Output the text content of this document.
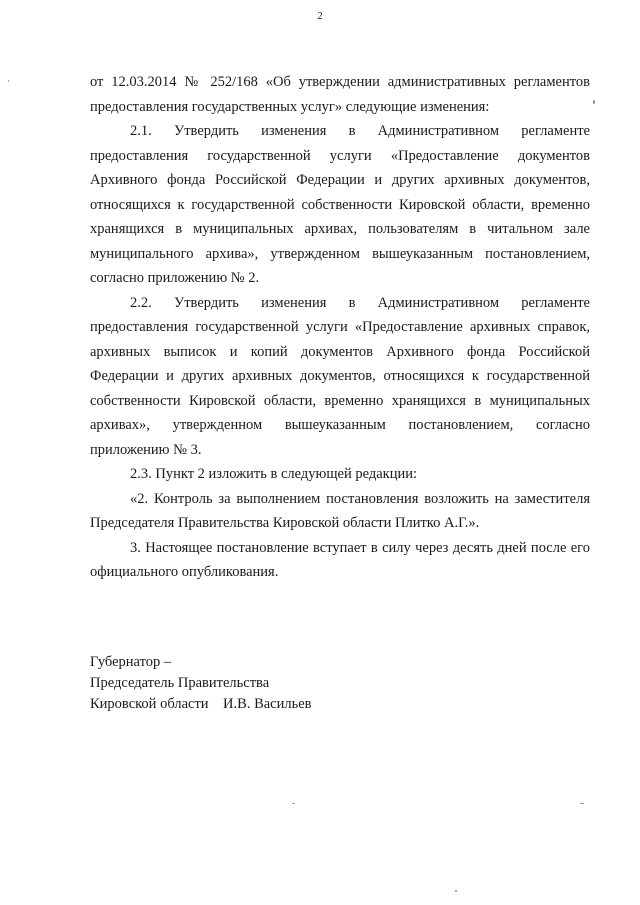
2

от 12.03.2014 № 252/168 «Об утверждении административных регламентов предоставления государственных услуг» следующие изменения:

2.1. Утвердить изменения в Административном регламенте предоставления государственной услуги «Предоставление документов Архивного фонда Российской Федерации и других архивных документов, относящихся к государственной собственности Кировской области, временно хранящихся в муниципальных архивах, пользователям в читальном зале муниципального архива», утвержденном вышеуказанным постановлением, согласно приложению № 2.

2.2. Утвердить изменения в Административном регламенте предоставления государственной услуги «Предоставление архивных справок, архивных выписок и копий документов Архивного фонда Российской Федерации и других архивных документов, относящихся к государственной собственности Кировской области, временно хранящихся в муниципальных архивах», утвержденном вышеуказанным постановлением, согласно приложению № 3.

2.3. Пункт 2 изложить в следующей редакции:

«2. Контроль за выполнением постановления возложить на заместителя Председателя Правительства Кировской области Плитко А.Г.».

3. Настоящее постановление вступает в силу через десять дней после его официального опубликования.

Губернатор –
Председатель Правительства
Кировской области И.В. Васильев
